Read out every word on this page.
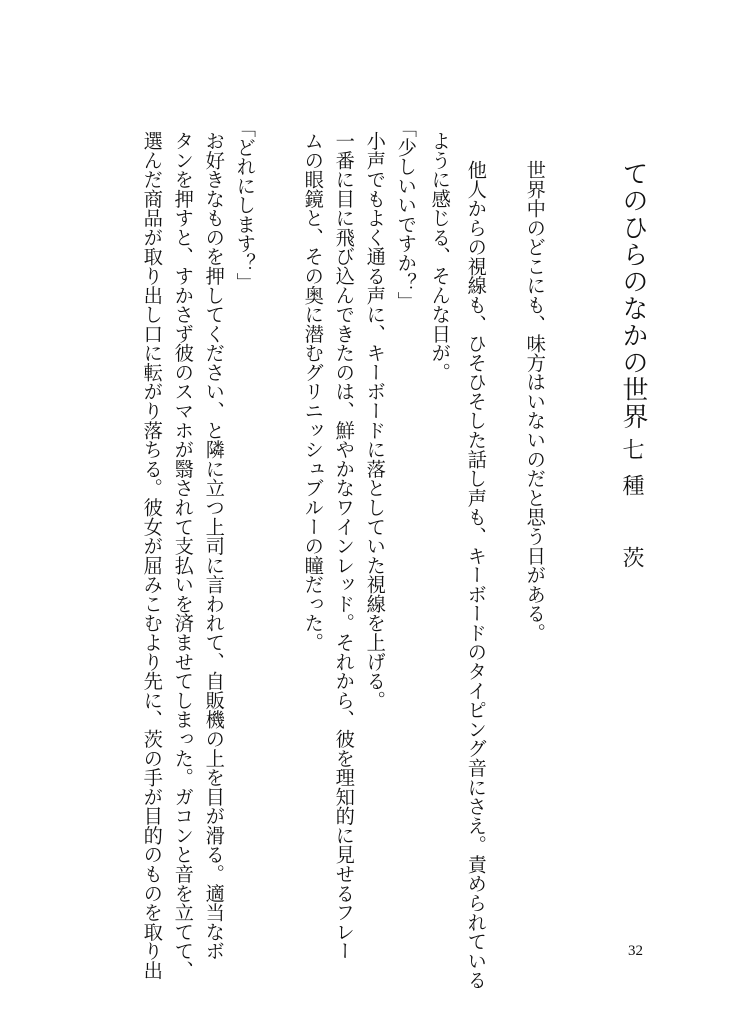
てのひらのなかの世界
七種　茨
世界中のどこにも、味方はいないのだと思う日がある。
他人からの視線も、ひそひそした話し声も、キーボードのタイピング音にさえ。責められている
ように感じる、そんな日が。
「少しいいですか？」
小声でもよく通る声に、キーボードに落としていた視線を上げる。
一番に目に飛び込んできたのは、鮮やかなワインレッド。それから、彼を理知的に見せるフレー
ムの眼鏡と、その奥に潜むグリニッシュブルーの瞳だった。
「どれにします？」
お好きなものを押してください、と隣に立つ上司に言われて、自販機の上を目が滑る。適当なボ
タンを押すと、すかさず彼のスマホが翳されて支払いを済ませてしまった。ガコンと音を立てて、
選んだ商品が取り出し口に転がり落ちる。彼女が屈みこむより先に、茨の手が目的のものを取り出	32
